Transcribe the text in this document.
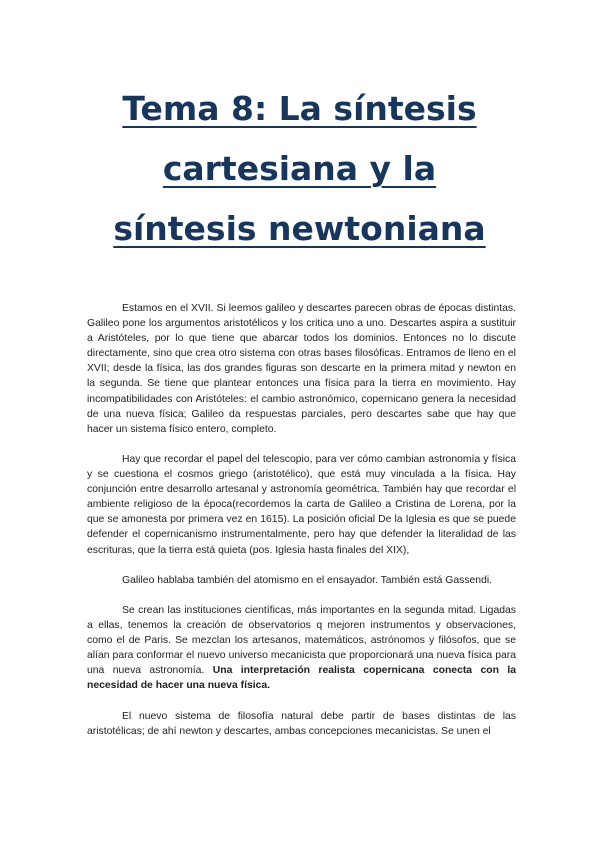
Tema 8: La síntesis
cartesiana y la
síntesis newtoniana

Estamos en el XVII. Si leemos galileo y descartes parecen obras de épocas distintas. Galileo pone los argumentos aristotélicos y los critica uno a uno. Descartes aspira a sustituir a Aristóteles, por lo que tiene que abarcar todos los dominios. Entonces no lo discute directamente, sino que crea otro sistema con otras bases filosóficas. Entramos de lleno en el XVII; desde la física, las dos grandes figuras son descarte en la primera mitad y newton en la segunda. Se tiene que plantear entonces una física para la tierra en movimiento. Hay incompatibilidades con Aristóteles: el cambio astronómico, copernicano genera la necesidad de una nueva física; Galileo da respuestas parciales, pero descartes sabe que hay que hacer un sistema físico entero, completo.

Hay que recordar el papel del telescopio, para ver cómo cambian astronomía y física y se cuestiona el cosmos griego (aristotélico), que está muy vinculada a la física. Hay conjunción entre desarrollo artesanal y astronomía geométrica. También hay que recordar el ambiente religioso de la época(recordemos la carta de Galileo a Cristina de Lorena, por la que se amonesta por primera vez en 1615). La posición oficial De la Iglesia es que se puede defender el copernicanismo instrumentalmente, pero hay que defender la literalidad de las escrituras, que la tierra está quieta (pos. Iglesia hasta finales del XIX),

Galileo hablaba también del atomismo en el ensayador. También está Gassendi.

Se crean las instituciones científicas, más importantes en la segunda mitad. Ligadas a ellas, tenemos la creación de observatorios q mejoren instrumentos y observaciones, como el de Paris. Se mezclan los artesanos, matemáticos, astrónomos y filósofos, que se alían para conformar el nuevo universo mecanicista que proporcionará una nueva física para una nueva astronomía. Una interpretación realista copernicana conecta con la necesidad de hacer una nueva física.

El nuevo sistema de filosofía natural debe partir de bases distintas de las aristotélicas; de ahí newton y descartes, ambas concepciones mecanicistas. Se unen el
